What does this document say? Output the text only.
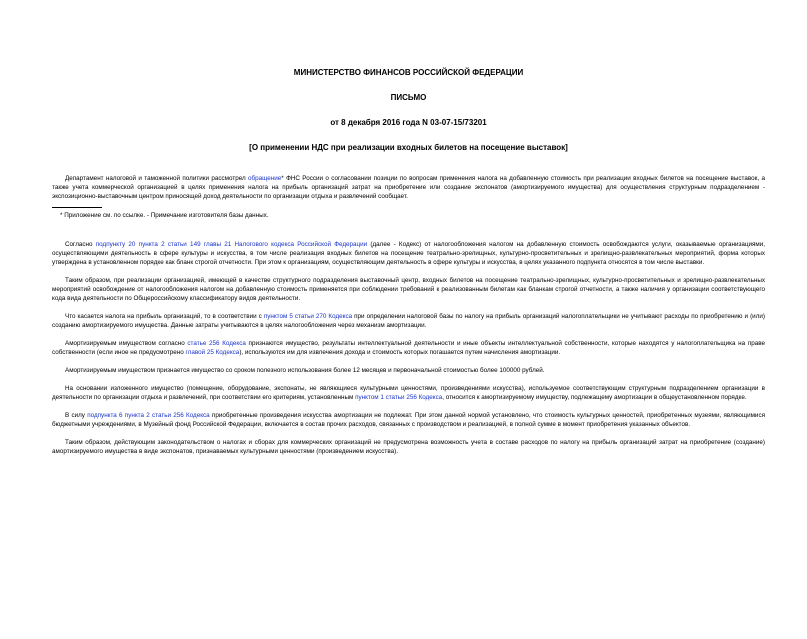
МИНИСТЕРСТВО ФИНАНСОВ РОССИЙСКОЙ ФЕДЕРАЦИИ
ПИСЬМО
от 8 декабря 2016 года N 03-07-15/73201
[О применении НДС при реализации входных билетов на посещение выставок]

Департамент налоговой и таможенной политики рассмотрел обращение* ФНС России о согласовании позиции по вопросам применения налога на добавленную стоимость при реализации входных билетов на посещение выставок, а также учета коммерческой организацией в целях применения налога на прибыль организаций затрат на приобретение или создание экспонатов (амортизируемого имущества) для осуществления структурным подразделением - экспозиционно-выставочным центром приносящей доход деятельности по организации отдыха и развлечений сообщает.

* Приложение см. по ссылке. - Примечание изготовителя базы данных.

Согласно подпункту 20 пункта 2 статьи 149 главы 21 Налогового кодекса Российской Федерации (далее - Кодекс) от налогообложения налогом на добавленную стоимость освобождаются услуги, оказываемые организациями, осуществляющими деятельность в сфере культуры и искусства, в том числе реализация входных билетов на посещение театрально-зрелищных, культурно-просветительных и зрелищно-развлекательных мероприятий, форма которых утверждена в установленном порядке как бланк строгой отчетности. При этом к организациям, осуществляющим деятельность в сфере культуры и искусства, в целях указанного подпункта относятся в том числе выставки.

Таким образом, при реализации организацией, имеющей в качестве структурного подразделения выставочный центр, входных билетов на посещение театрально-зрелищных, культурно-просветительных и зрелищно-развлекательных мероприятий освобождение от налогообложения налогом на добавленную стоимость применяется при соблюдении требований к реализованным билетам как бланкам строгой отчетности, а также наличия у организации соответствующего кода вида деятельности по Общероссийскому классификатору видов деятельности.

Что касается налога на прибыль организаций, то в соответствии с пунктом 5 статьи 270 Кодекса при определении налоговой базы по налогу на прибыль организаций налогоплательщики не учитывают расходы по приобретению и (или) созданию амортизируемого имущества. Данные затраты учитываются в целях налогообложения через механизм амортизации.

Амортизируемым имуществом согласно статье 256 Кодекса признаются имущество, результаты интеллектуальной деятельности и иные объекты интеллектуальной собственности, которые находятся у налогоплательщика на праве собственности (если иное не предусмотрено главой 25 Кодекса), используются им для извлечения дохода и стоимость которых погашается путем начисления амортизации.

Амортизируемым имуществом признается имущество со сроком полезного использования более 12 месяцев и первоначальной стоимостью более 100000 рублей.

На основании изложенного имущество (помещение, оборудование, экспонаты, не являющиеся культурными ценностями, произведениями искусства), используемое соответствующим структурным подразделением организации в деятельности по организации отдыха и развлечений, при соответствии его критериям, установленным пунктом 1 статьи 256 Кодекса, относится к амортизируемому имуществу, подлежащему амортизации в общеустановленном порядке.

В силу подпункта 6 пункта 2 статьи 256 Кодекса приобретенные произведения искусства амортизации не подлежат. При этом данной нормой установлено, что стоимость культурных ценностей, приобретенных музеями, являющимися бюджетными учреждениями, в Музейный фонд Российской Федерации, включается в состав прочих расходов, связанных с производством и реализацией, в полной сумме в момент приобретения указанных объектов.

Таким образом, действующим законодательством о налогах и сборах для коммерческих организаций не предусмотрена возможность учета в составе расходов по налогу на прибыль организаций затрат на приобретение (создание) амортизируемого имущества в виде экспонатов, признаваемых культурными ценностями (произведением искусства).
